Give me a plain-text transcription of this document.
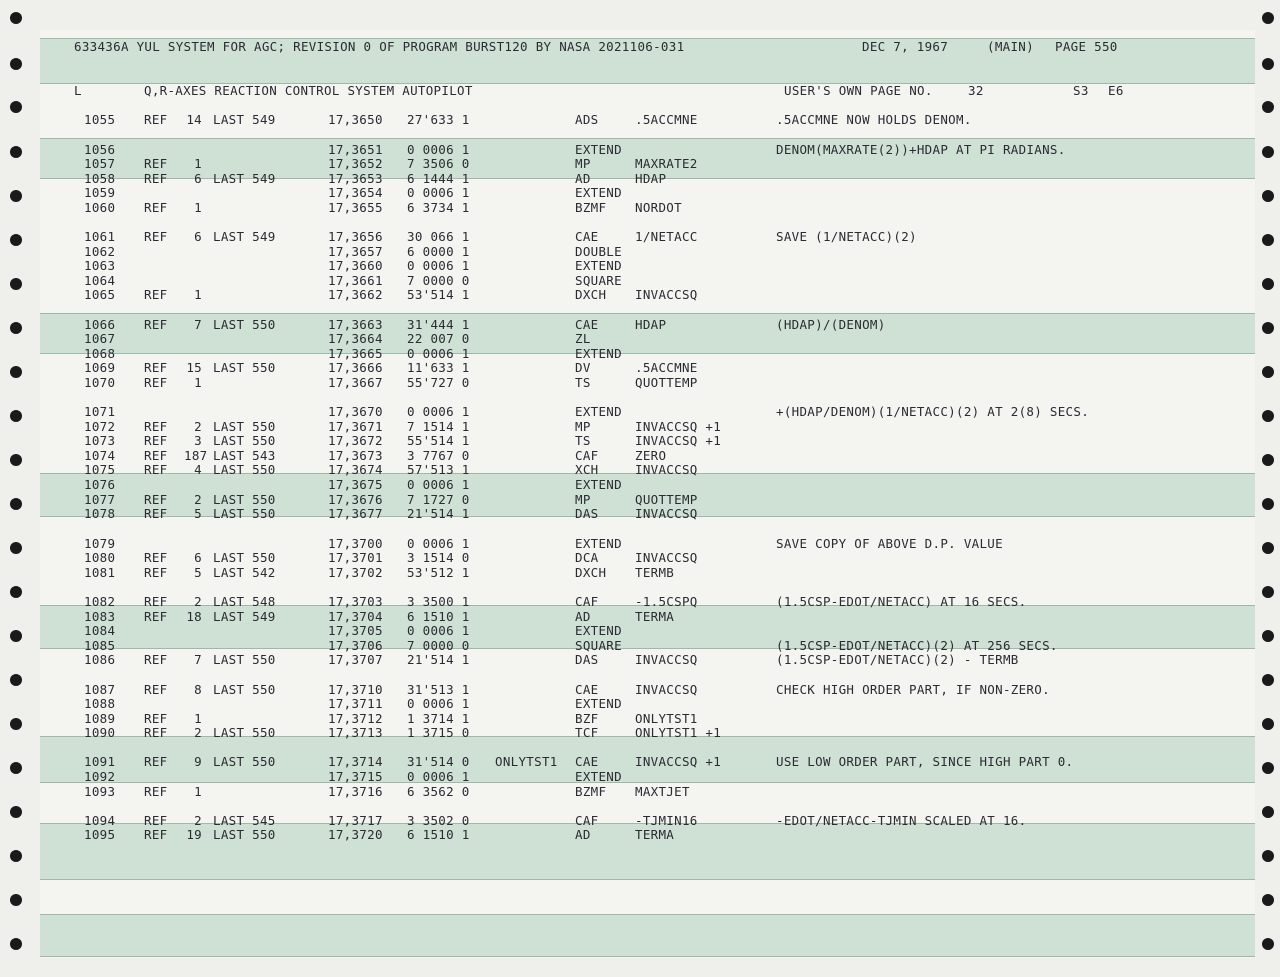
633436A YUL SYSTEM FOR AGC; REVISION 0 OF PROGRAM BURST120 BY NASA 2021106-031

	DEC 7, 1967

	(MAIN)

PAGE 550

L

	Q,R-AXES REACTION CONTROL SYSTEM AUTOPILOT

	USER'S OWN PAGE NO.

	32

	S3

E6

1055 REF 14 LAST 549	17,3650 27'633 1	ADS	.5ACCMNE	.5ACCMNE NOW HOLDS DENOM.
1056	17,3651 0 0006 1	EXTEND	DENOM(MAXRATE(2))+HDAP AT PI RADIANS.
1057 REF	1	17,3652 7 3506 0	MP	MAXRATE2
1058 REF	6 LAST 549	17,3653 6 1444 1	AD	HDAP
1059	17,3654 0 0006 1	EXTEND
1060 REF	1	17,3655 6 3734 1	BZMF NORDOT
1061 REF	6 LAST 549	17,3656 30 066 1	CAE	1/NETACC	SAVE (1/NETACC)(2)
1062	17,3657 6 0000 1	DOUBLE
1063	17,3660 0 0006 1	EXTEND
1064	17,3661 7 0000 0	SQUARE
1065 REF	1	17,3662 53'514 1	DXCH INVACCSQ
1066 REF	7 LAST 550	17,3663 31'444 1	CAE	HDAP	(HDAP)/(DENOM)
1067	17,3664 22 007 0	ZL
1068	17,3665 0 0006 1	EXTEND
1069 REF 15 LAST 550	17,3666 11'633 1	DV	.5ACCMNE
1070 REF	1	17,3667 55'727 0	TS	QUOTTEMP
1071	17,3670 0 0006 1	EXTEND	+(HDAP/DENOM)(1/NETACC)(2) AT 2(8) SECS.
1072 REF	2 LAST 550	17,3671 7 1514 1	MP	INVACCSQ +1
1073 REF	3 LAST 550	17,3672 55'514 1	TS	INVACCSQ +1
1074 REF 187 LAST 543	17,3673 3 7767 0	CAF	ZERO
1075 REF	4 LAST 550	17,3674 57'513 1	XCH	INVACCSQ
1076	17,3675 0 0006 1	EXTEND
1077 REF	2 LAST 550	17,3676 7 1727 0	MP	QUOTTEMP
1078 REF	5 LAST 550	17,3677 21'514 1	DAS	INVACCSQ
1079	17,3700 0 0006 1	EXTEND	SAVE COPY OF ABOVE D.P. VALUE
1080 REF	6 LAST 550	17,3701 3 1514 0	DCA	INVACCSQ
1081 REF	5 LAST 542	17,3702 53'512 1	DXCH TERMB
1082 REF	2 LAST 548	17,3703 3 3500 1	CAF	-1.5CSPQ	(1.5CSP-EDOT/NETACC) AT 16 SECS.
1083 REF 18 LAST 549	17,3704 6 1510 1	AD	TERMA
1084	17,3705 0 0006 1	EXTEND
1085	17,3706 7 0000 0	SQUARE	(1.5CSP-EDOT/NETACC)(2) AT 256 SECS.
1086 REF	7 LAST 550	17,3707 21'514 1	DAS	INVACCSQ	(1.5CSP-EDOT/NETACC)(2) - TERMB
1087 REF	8 LAST 550	17,3710 31'513 1	CAE	INVACCSQ	CHECK HIGH ORDER PART, IF NON-ZERO.
1088	17,3711 0 0006 1	EXTEND
1089 REF	1	17,3712 1 3714 1	BZF	ONLYTST1
1090 REF	2 LAST 550	17,3713 1 3715 0	TCF	ONLYTST1 +1
1091 REF	9 LAST 550	17,3714 31'514 0 ONLYTST1 CAE	INVACCSQ +1	USE LOW ORDER PART, SINCE HIGH PART 0.
1092	17,3715 0 0006 1	EXTEND
1093 REF	1	17,3716 6 3562 0	BZMF MAXTJET
1094 REF	2 LAST 545	17,3717 3 3502 0	CAF	-TJMIN16	-EDOT/NETACC-TJMIN SCALED AT 16.
1095 REF 19 LAST 550	17,3720 6 1510 1	AD	TERMA
